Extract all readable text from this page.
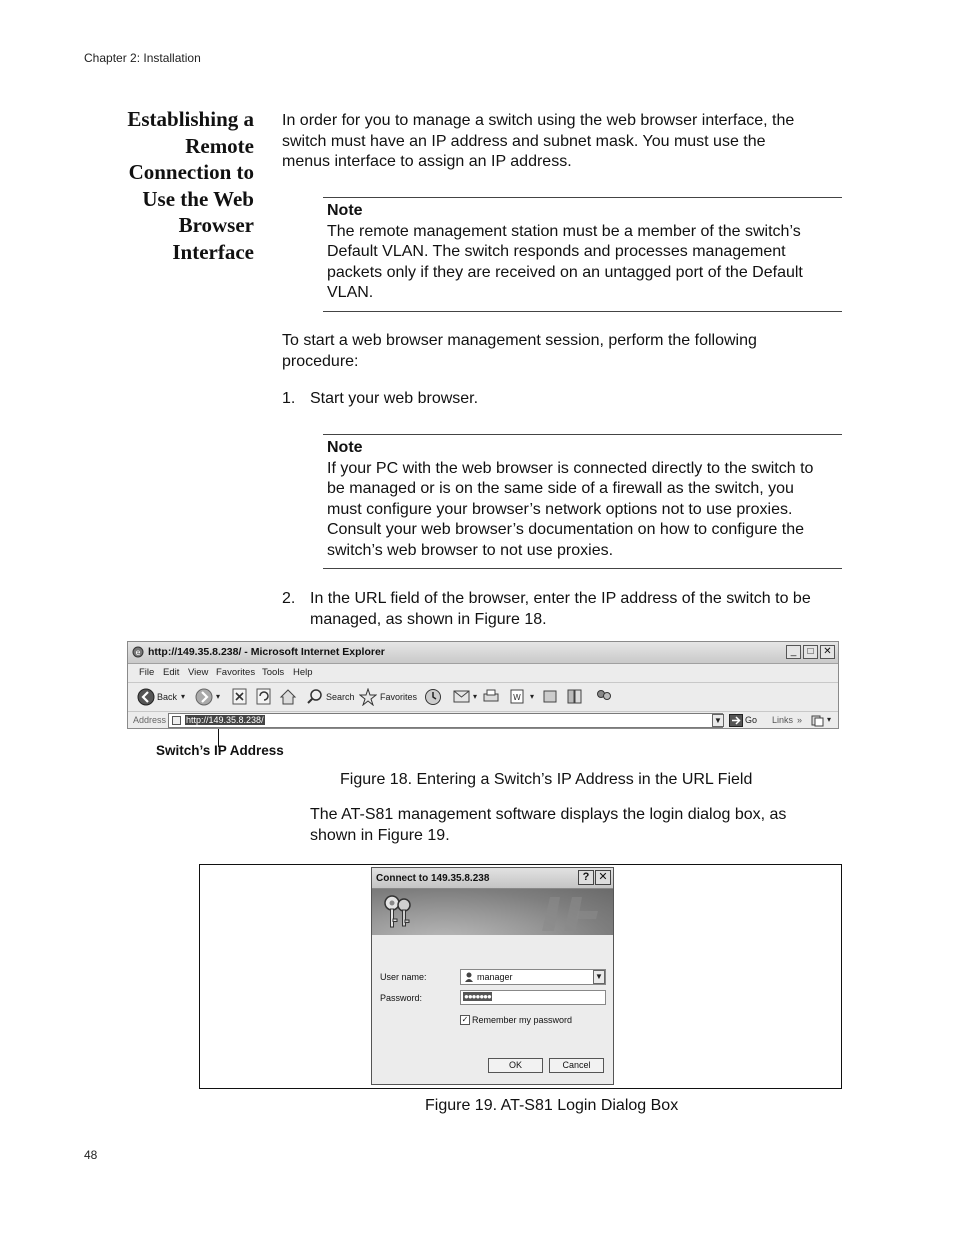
Chapter 2: Installation
Establishing a
Remote
Connection to
Use the Web
Browser
Interface
In order for you to manage a switch using the web browser interface, the
switch must have an IP address and subnet mask. You must use the
menus interface to assign an IP address.
Note
The remote management station must be a member of the switch’s
Default VLAN. The switch responds and processes management
packets only if they are received on an untagged port of the Default
VLAN.
To start a web browser management session, perform the following
procedure:
1. Start your web browser.
Note
If your PC with the web browser is connected directly to the switch to
be managed or is on the same side of a firewall as the switch, you
must configure your browser’s network options not to use proxies.
Consult your web browser’s documentation on how to configure the
switch’s web browser to not use proxies.
2. In the URL field of the browser, enter the IP address of the switch to be
managed, as shown in Figure 18.
e http://149.35.8.238/ - Microsoft Internet Explorer	_	□ ✕
File Edit View Favorites Tools Help
Back ▾	▾	Search	Favorites	▾	W ▾
Address http://149.35.8.238/	▼	Go Links »	▾
Switch’s IP Address
Figure 18. Entering a Switch’s IP Address in the URL Field
The AT-S81 management software displays the login dialog box, as
shown in Figure 19.
Connect to 149.35.8.238	? ✕
User name:	manager	▼
Password:	●●●●●●●
✓ Remember my password
OK	Cancel
Figure 19. AT-S81 Login Dialog Box
48
